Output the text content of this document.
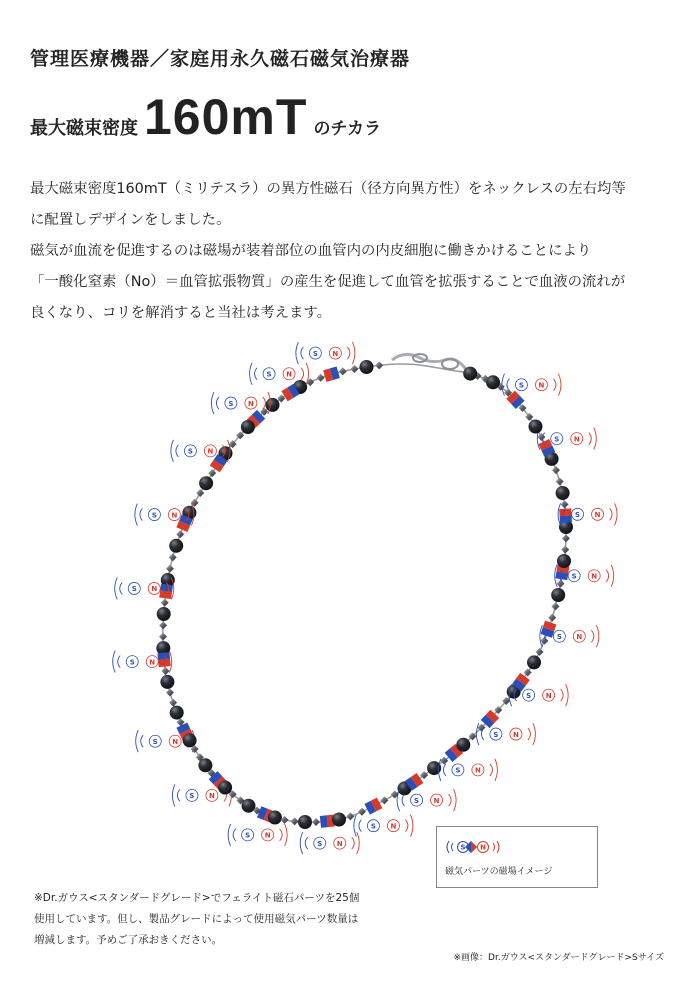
管理医療機器／家庭用永久磁石磁気治療器
最大磁束密度 160mT のチカラ

最大磁束密度160mT（ミリテスラ）の異方性磁石（径方向異方性）をネックレスの左右均等

に配置しデザインをしました。

磁気が血流を促進するのは磁場が装着部位の血管内の内皮細胞に働きかけることにより

「一酸化窒素（No）＝血管拡張物質」の産生を促進して血管を拡張することで血液の流れが

良くなり、コリを解消すると当社は考えます。

S N
S N
S N
S N
S N
S N
S N
S N
S N
S N
S N
S N
S N
S N
S N
S N
S N
S N
S N
S N
S N
S N
磁気パーツの磁場イメージ
※Dr.ガウス<スタンダードグレード>でフェライト磁石パーツを25個
使用しています。但し、製品グレードによって使用磁気パーツ数量は
増減します。予めご了承おきください。
※画像：Dr.ガウス<スタンダードグレード>Sサイズ
